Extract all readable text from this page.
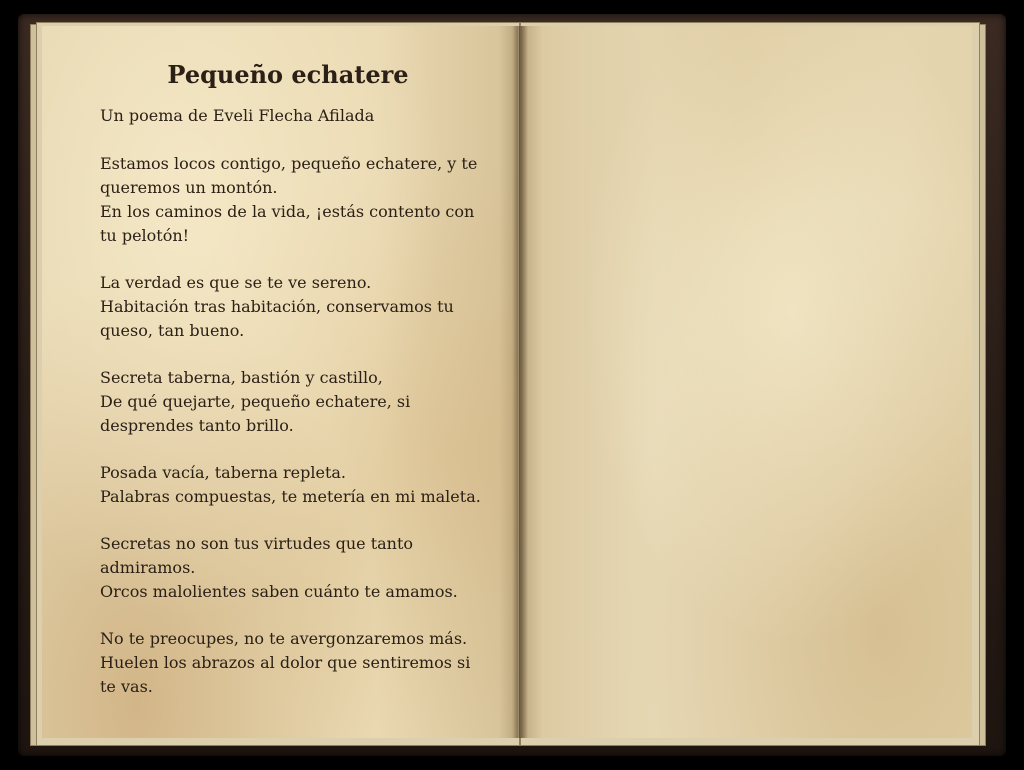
Pequeño echatere

Un poema de Eveli Flecha Afilada

Estamos locos contigo, pequeño echatere, y te
queremos un montón.
En los caminos de la vida, ¡estás contento con
tu pelotón!

La verdad es que se te ve sereno.
Habitación tras habitación, conservamos tu
queso, tan bueno.

Secreta taberna, bastión y castillo,
De qué quejarte, pequeño echatere, si
desprendes tanto brillo.

Posada vacía, taberna repleta.
Palabras compuestas, te metería en mi maleta.

Secretas no son tus virtudes que tanto
admiramos.
Orcos malolientes saben cuánto te amamos.

No te preocupes, no te avergonzaremos más.
Huelen los abrazos al dolor que sentiremos si
te vas.
